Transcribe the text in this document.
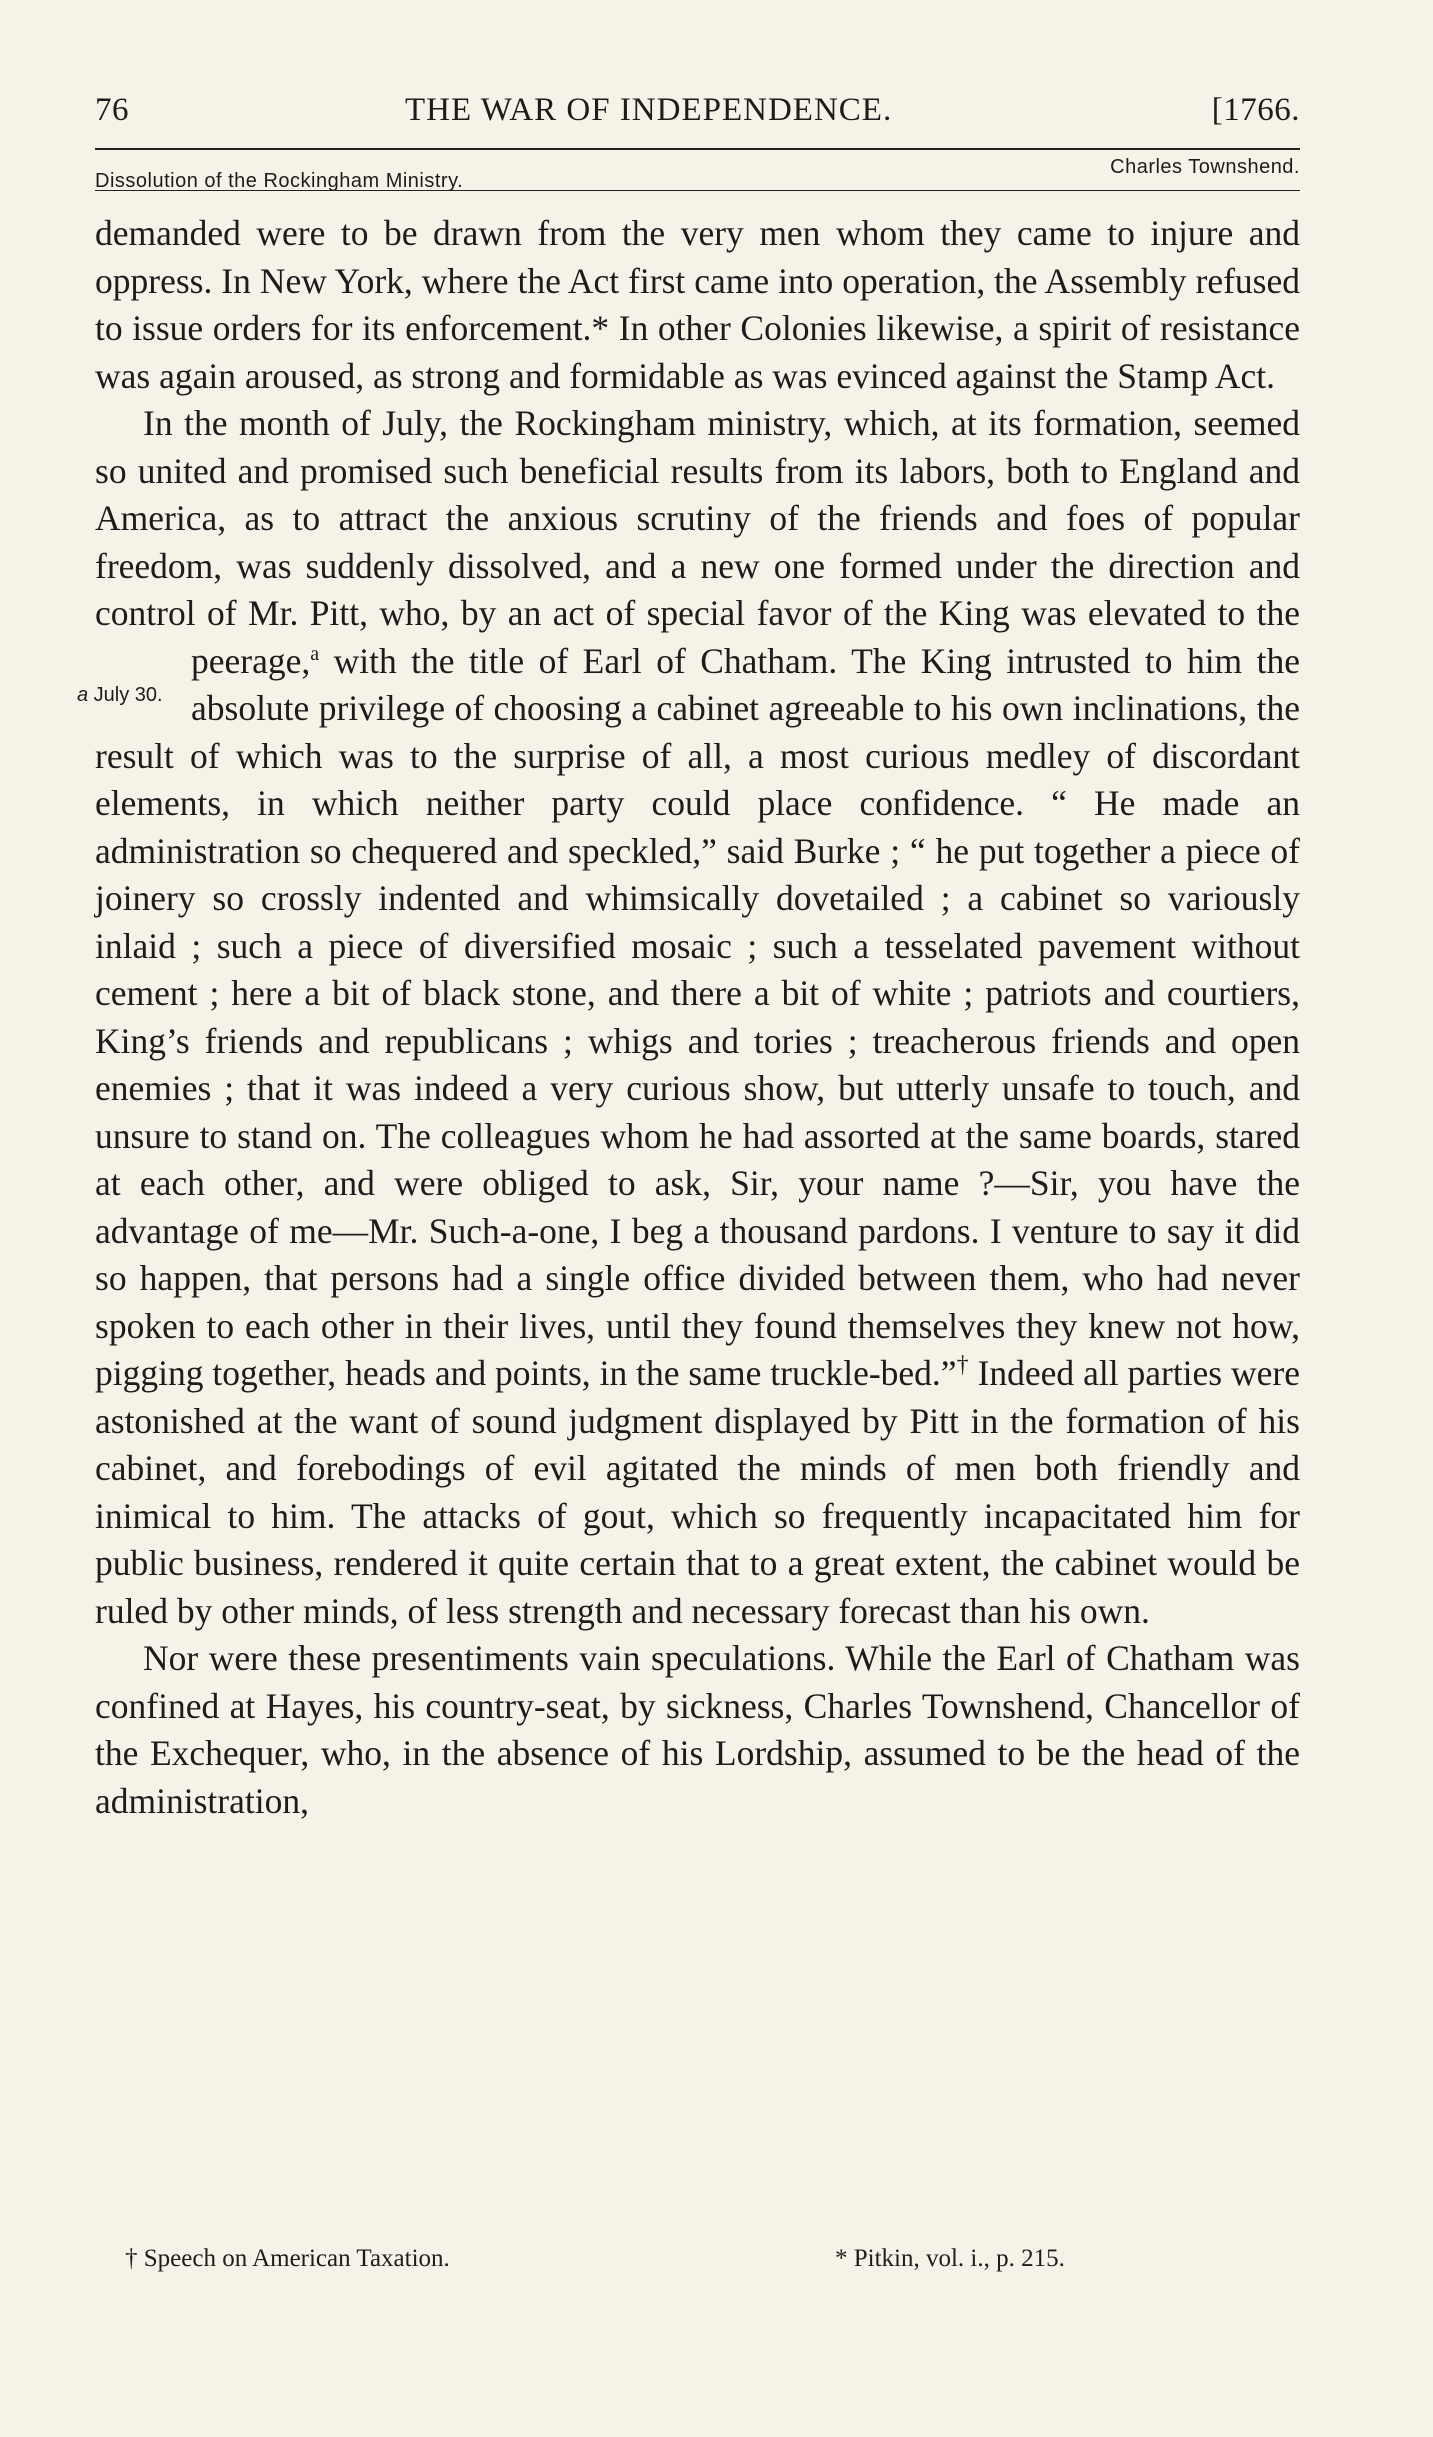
76	THE WAR OF INDEPENDENCE.	[1766.
Dissolution of the Rockingham Ministry.
Charles Townshend.

demanded were to be drawn from the very men whom they came to injure and oppress. In New York, where the Act first came into operation, the Assembly refused to issue orders for its enforcement.* In other Colonies likewise, a spirit of resistance was again aroused, as strong and formidable as was evinced against the Stamp Act.

In the month of July, the Rockingham ministry, which, at its formation, seemed so united and promised such beneficial results from its labors, both to England and America, as to attract the anxious scrutiny of the friends and foes of popular freedom, was suddenly dissolved, and a new one formed under the direction and control of Mr. Pitt, who, by an act of special favor of the King was elevated to the peerage,
a July 30.
$^a$ with the title of Earl of Chatham. The King intrusted to him the absolute privilege of choosing a cabinet agreeable to his own inclinations, the result of which was to the surprise of all, a most curious medley of discordant elements, in which neither party could place confidence. “ He made an administration so chequered and speckled,” said Burke ; “ he put together a piece of joinery so crossly indented and whimsically dovetailed ; a cabinet so variously inlaid ; such a piece of diversified mosaic ; such a tesselated pavement without cement ; here a bit of black stone, and there a bit of white ; patriots and courtiers, King’s friends and republicans ; whigs and tories ; treacherous friends and open enemies ; that it was indeed a very curious show, but utterly unsafe to touch, and unsure to stand on. The colleagues whom he had assorted at the same boards, stared at each other, and were obliged to ask, Sir, your name ?—Sir, you have the advantage of me—Mr. Such-a-one, I beg a thousand pardons. I venture to say it did so happen, that persons had a single office divided between them, who had never spoken to each other in their lives, until they found themselves they knew not how, pigging together, heads and points, in the same truckle-bed.”† Indeed all parties were astonished at the want of sound judgment displayed by Pitt in the formation of his cabinet, and forebodings of evil agitated the minds of men both friendly and inimical to him. The attacks of gout, which so frequently incapacitated him for public business, rendered it quite certain that to a great extent, the cabinet would be ruled by other minds, of less strength and necessary forecast than his own.

Nor were these presentiments vain speculations. While the Earl of Chatham was confined at Hayes, his country-seat, by sickness, Charles Townshend, Chancellor of the Exchequer, who, in the absence of his Lordship, assumed to be the head of the administration,

† Speech on American Taxation.	* Pitkin, vol. i., p. 215.
